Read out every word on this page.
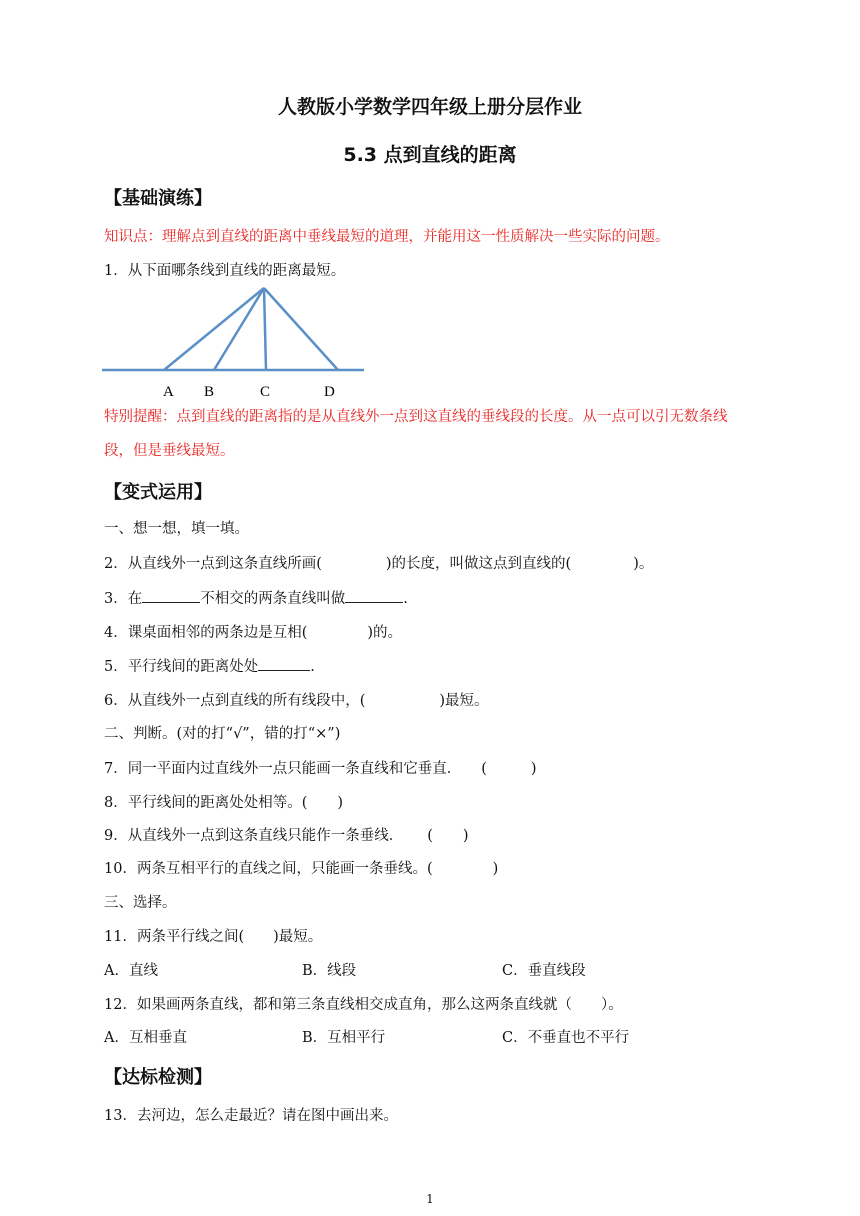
人教版小学数学四年级上册分层作业
5.3 点到直线的距离
【基础演练】
知识点：理解点到直线的距离中垂线最短的道理，并能用这一性质解决一些实际的问题。
1．从下面哪条线到直线的距离最短。
A B	C	D
特别提醒：点到直线的距离指的是从直线外一点到这直线的垂线段的长度。从一点可以引无数条线
段，但是垂线最短。
【变式运用】
一、想一想，填一填。
2．从直线外一点到这条直线所画(	)的长度，叫做这点到直线的(	)。
3．在	不相交的两条直线叫做	.
4．课桌面相邻的两条边是互相(	)的。
5．平行线间的距离处处	.
6．从直线外一点到直线的所有线段中，(	)最短。
二、判断。(对的打“√”，错的打“×”)
7．同一平面内过直线外一点只能画一条直线和它垂直． (	)
8．平行线间的距离处处相等。( )
9．从直线外一点到这条直线只能作一条垂线． ( )
10．两条互相平行的直线之间，只能画一条垂线。(	)
三、选择。
11．两条平行线之间(　　)最短。
A．直线	B．线段	C．垂直线段
12．如果画两条直线，都和第三条直线相交成直角，那么这两条直线就（　　）。
A．互相垂直	B．互相平行	C．不垂直也不平行
【达标检测】
13．去河边，怎么走最近？请在图中画出来。
1
